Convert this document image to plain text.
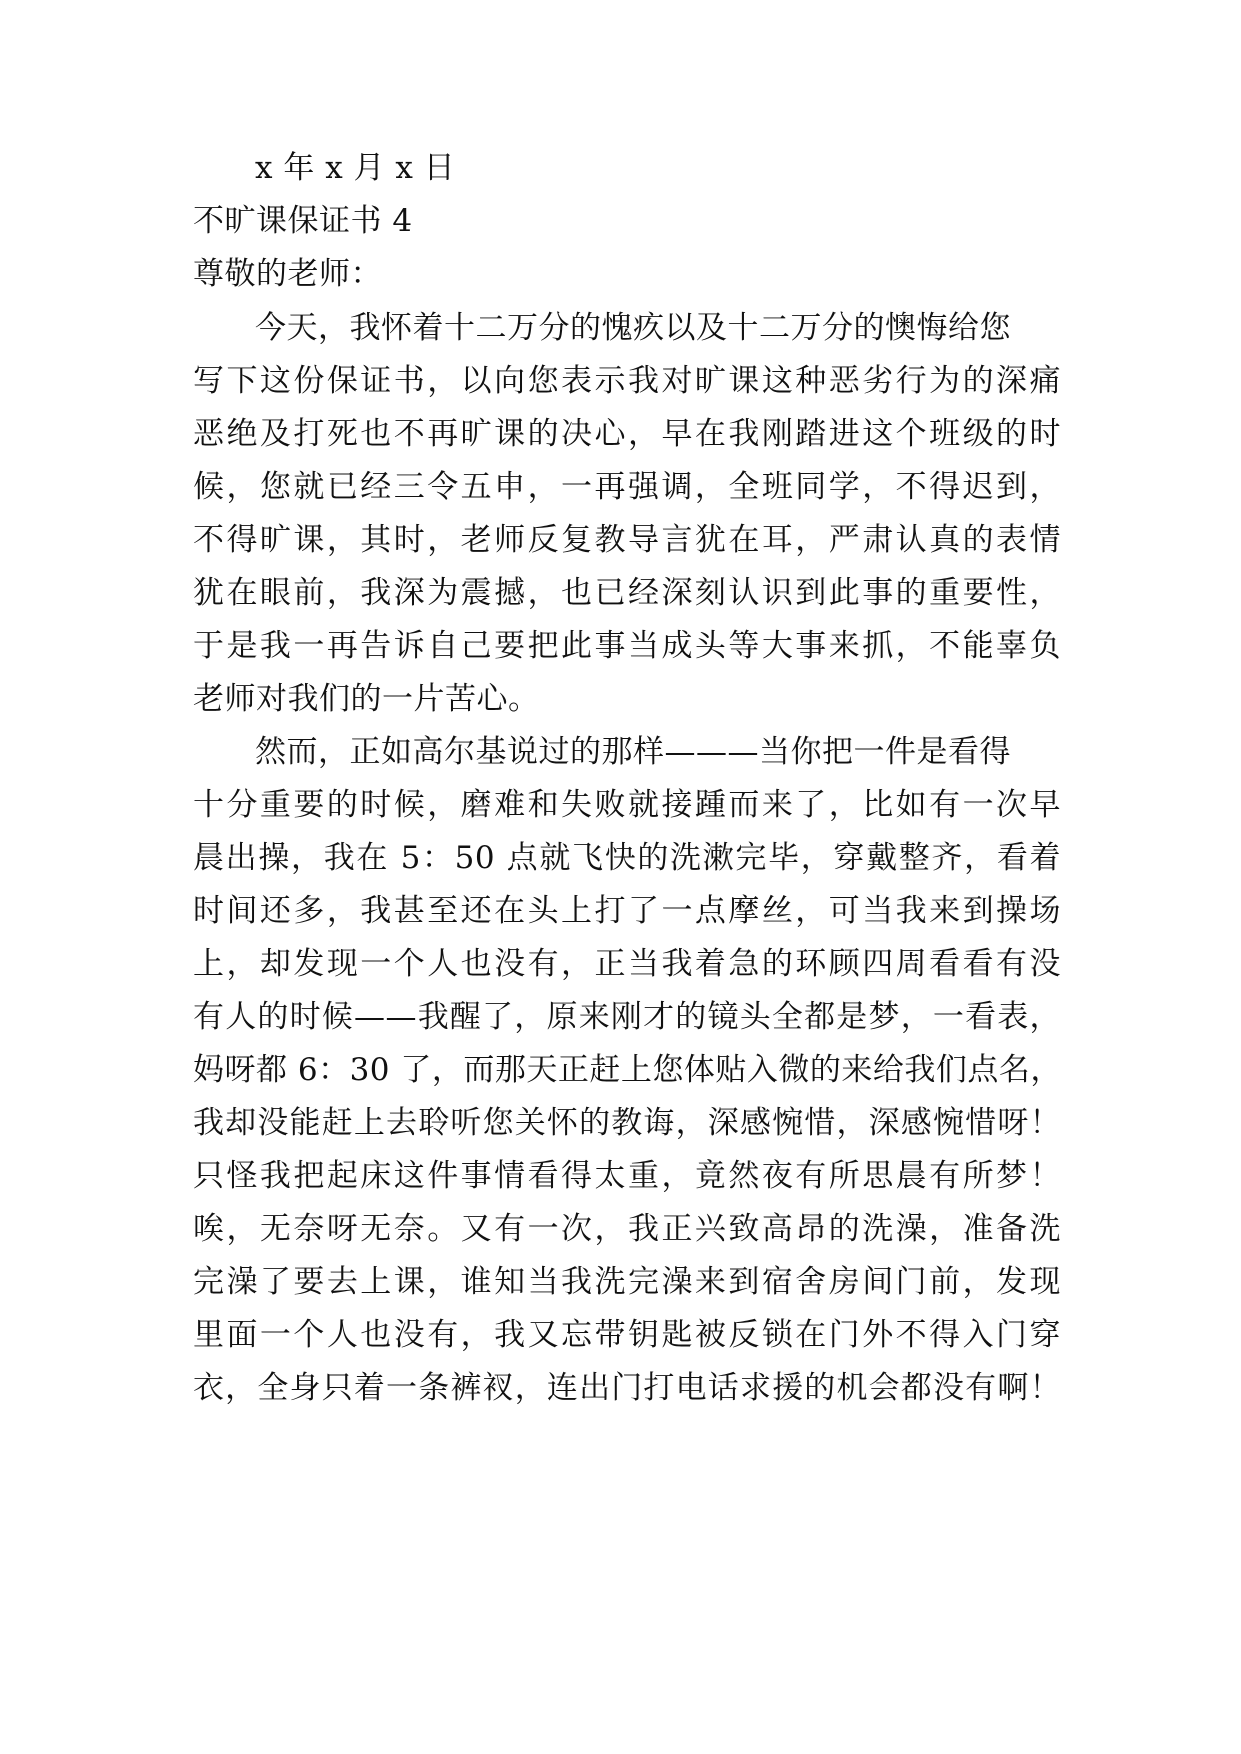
x 年 x 月 x 日
不旷课保证书 4
尊敬的老师：
今天，我怀着十二万分的愧疚以及十二万分的懊悔给您
写下这份保证书，以向您表示我对旷课这种恶劣行为的深痛
恶绝及打死也不再旷课的决心，早在我刚踏进这个班级的时
候，您就已经三令五申，一再强调，全班同学，不得迟到，
不得旷课，其时，老师反复教导言犹在耳，严肃认真的表情
犹在眼前，我深为震撼，也已经深刻认识到此事的重要性，
于是我一再告诉自己要把此事当成头等大事来抓，不能辜负
老师对我们的一片苦心。
然而，正如高尔基说过的那样———当你把一件是看得
十分重要的时候，磨难和失败就接踵而来了，比如有一次早
晨出操，我在 5：50 点就飞快的洗漱完毕，穿戴整齐，看着
时间还多，我甚至还在头上打了一点摩丝，可当我来到操场
上，却发现一个人也没有，正当我着急的环顾四周看看有没
有人的时候——我醒了，原来刚才的镜头全都是梦，一看表，
妈呀都 6：30 了，而那天正赶上您体贴入微的来给我们点名，
我却没能赶上去聆听您关怀的教诲，深感惋惜，深感惋惜呀！
只怪我把起床这件事情看得太重，竟然夜有所思晨有所梦！
唉，无奈呀无奈。又有一次，我正兴致高昂的洗澡，准备洗
完澡了要去上课，谁知当我洗完澡来到宿舍房间门前，发现
里面一个人也没有，我又忘带钥匙被反锁在门外不得入门穿
衣，全身只着一条裤衩，连出门打电话求援的机会都没有啊！
